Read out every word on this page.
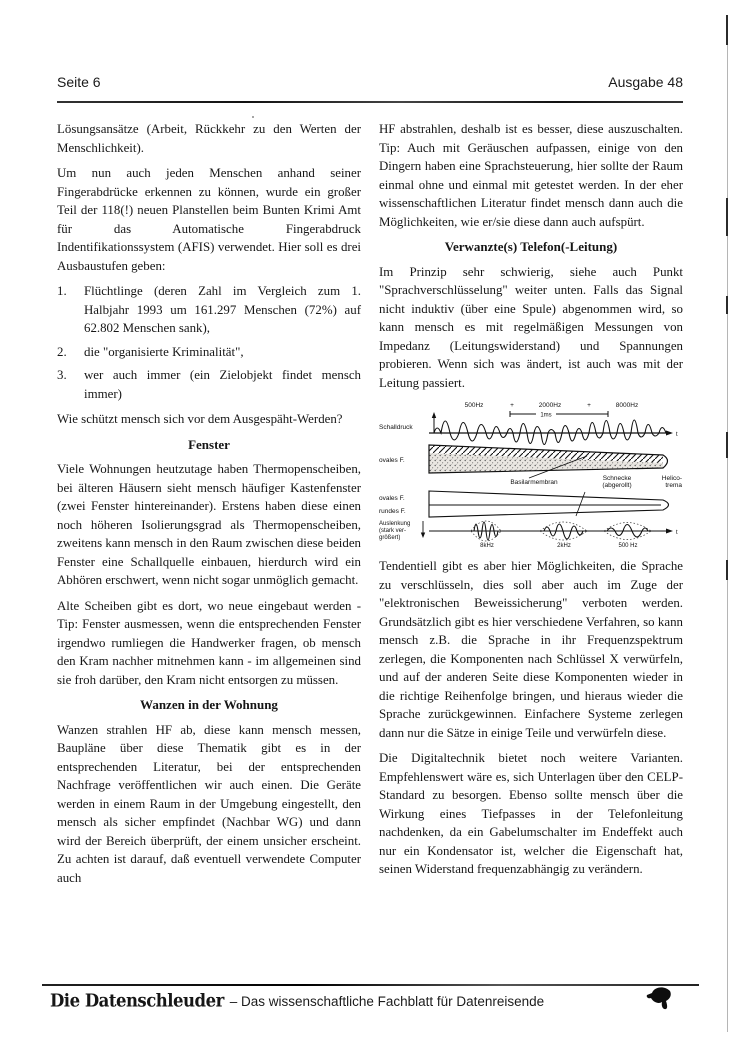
Seite 6	Ausgabe 48

Lösungsansätze (Arbeit, Rückkehr zu den Werten der Menschlichkeit).

Um nun auch jeden Menschen anhand seiner Fingerabdrücke erkennen zu können, wurde ein großer Teil der 118(!) neuen Planstellen beim Bunten Krimi Amt für das Automatische Fingerabdruck Indentifikationssystem (AFIS) verwendet. Hier soll es drei Ausbaustufen geben:

1.	Flüchtlinge (deren Zahl im Vergleich zum 1. Halbjahr 1993 um 161.297 Menschen (72%) auf 62.802 Menschen sank),
2.	die "organisierte Kriminalität",
3.	wer auch immer (ein Zielobjekt findet mensch immer)

Wie schützt mensch sich vor dem Ausgespäht-Werden?

Fenster

Viele Wohnungen heutzutage haben Thermopenscheiben, bei älteren Häusern sieht mensch häufiger Kastenfenster (zwei Fenster hintereinander). Erstens haben diese einen noch höheren Isolierungsgrad als Thermopenscheiben, zweitens kann mensch in den Raum zwischen diese beiden Fenster eine Schallquelle einbauen, hierdurch wird ein Abhören erschwert, wenn nicht sogar unmöglich gemacht.

Alte Scheiben gibt es dort, wo neue eingebaut werden - Tip: Fenster ausmessen, wenn die entsprechenden Fenster irgendwo rumliegen die Handwerker fragen, ob mensch den Kram nachher mitnehmen kann - im allgemeinen sind sie froh darüber, den Kram nicht entsorgen zu müssen.

Wanzen in der Wohnung

Wanzen strahlen HF ab, diese kann mensch messen, Baupläne über diese Thematik gibt es in der entsprechenden Literatur, bei der entsprechenden Nachfrage veröffentlichen wir auch einen. Die Geräte werden in einem Raum in der Umgebung eingestellt, den mensch als sicher empfindet (Nachbar WG) und dann wird der Bereich überprüft, der einem unsicher erscheint. Zu achten ist darauf, daß eventuell verwendete Computer auch

HF abstrahlen, deshalb ist es besser, diese auszuschalten. Tip: Auch mit Geräuschen aufpassen, einige von den Dingern haben eine Sprachsteuerung, hier sollte der Raum einmal ohne und einmal mit getestet werden. In der eher wissenschaftlichen Literatur findet mensch dann auch die Möglichkeiten, wie er/sie diese dann auch aufspürt.

Verwanzte(s) Telefon(-Leitung)

Im Prinzip sehr schwierig, siehe auch Punkt "Sprachverschlüsselung" weiter unten. Falls das Signal nicht induktiv (über eine Spule) abgenommen wird, so kann mensch es mit regelmäßigen Messungen von Impedanz (Leitungswiderstand) und Spannungen probieren. Wenn sich was ändert, ist auch was mit der Leitung passiert.

Schalldruck
500Hz	+	2000Hz	+	8000Hz
1ms
t
ovales F.
Basilarmembran
Schnecke
(abgerollt)
Helico-
trema
ovales F.
rundes F.
Auslenkung
(stark ver-
größert)
t
8kHz	2kHz	500 Hz

Tendentiell gibt es aber hier Möglichkeiten, die Sprache zu verschlüsseln, dies soll aber auch im Zuge der "elektronischen Beweissicherung" verboten werden. Grundsätzlich gibt es hier verschiedene Verfahren, so kann mensch z.B. die Sprache in ihr Frequenzspektrum zerlegen, die Komponenten nach Schlüssel X verwürfeln, und auf der anderen Seite diese Komponenten wieder in die richtige Reihenfolge bringen, und hieraus wieder die Sprache zurückgewinnen. Einfachere Systeme zerlegen dann nur die Sätze in einige Teile und verwürfeln diese.

Die Digitaltechnik bietet noch weitere Varianten. Empfehlenswert wäre es, sich Unterlagen über den CELP-Standard zu besorgen. Ebenso sollte mensch über die Wirkung eines Tiefpasses in der Telefonleitung nachdenken, da ein Gabelumschalter im Endeffekt auch nur ein Kondensator ist, welcher die Eigenschaft hat, seinen Widerstand frequenzabhängig zu verändern.

Die Datenschleuder – Das wissenschaftliche Fachblatt für Datenreisende
